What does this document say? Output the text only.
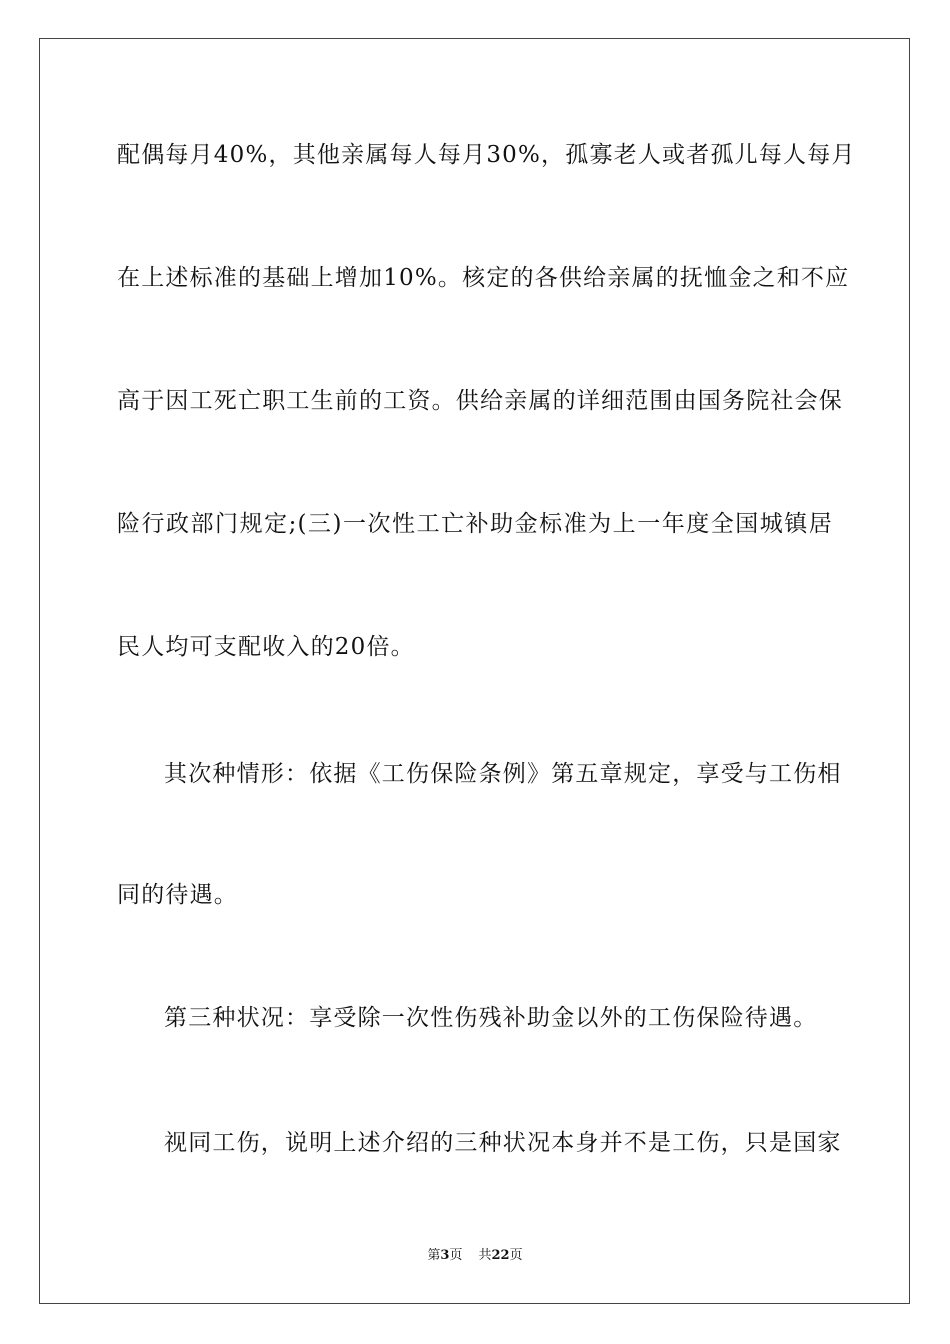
配偶每月40%，其他亲属每人每月30%，孤寡老人或者孤儿每人每月
在上述标准的基础上增加10%。核定的各供给亲属的抚恤金之和不应
高于因工死亡职工生前的工资。供给亲属的详细范围由国务院社会保
险行政部门规定;(三)一次性工亡补助金标准为上一年度全国城镇居
民人均可支配收入的20倍。
其次种情形：依据《工伤保险条例》第五章规定，享受与工伤相
同的待遇。
第三种状况：享受除一次性伤残补助金以外的工伤保险待遇。
视同工伤，说明上述介绍的三种状况本身并不是工伤，只是国家
第3页 共22页
